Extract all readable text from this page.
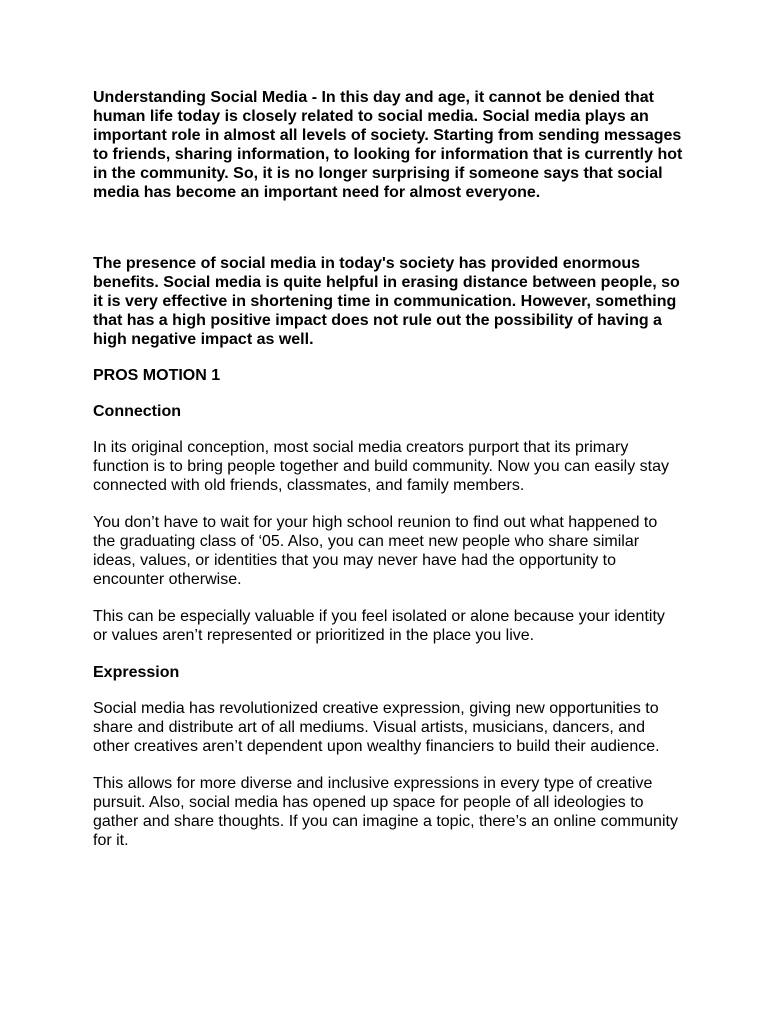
Understanding Social Media - In this day and age, it cannot be denied that human life today is closely related to social media. Social media plays an important role in almost all levels of society. Starting from sending messages to friends, sharing information, to looking for information that is currently hot in the community. So, it is no longer surprising if someone says that social media has become an important need for almost everyone.

The presence of social media in today's society has provided enormous benefits. Social media is quite helpful in erasing distance between people, so it is very effective in shortening time in communication. However, something that has a high positive impact does not rule out the possibility of having a high negative impact as well.

PROS MOTION 1

Connection

In its original conception, most social media creators purport that its primary function is to bring people together and build community. Now you can easily stay connected with old friends, classmates, and family members.

You don’t have to wait for your high school reunion to find out what happened to the graduating class of ‘05. Also, you can meet new people who share similar ideas, values, or identities that you may never have had the opportunity to encounter otherwise.

This can be especially valuable if you feel isolated or alone because your identity or values aren’t represented or prioritized in the place you live.

Expression

Social media has revolutionized creative expression, giving new opportunities to share and distribute art of all mediums. Visual artists, musicians, dancers, and other creatives aren’t dependent upon wealthy financiers to build their audience.

This allows for more diverse and inclusive expressions in every type of creative pursuit. Also, social media has opened up space for people of all ideologies to gather and share thoughts. If you can imagine a topic, there’s an online community for it.
